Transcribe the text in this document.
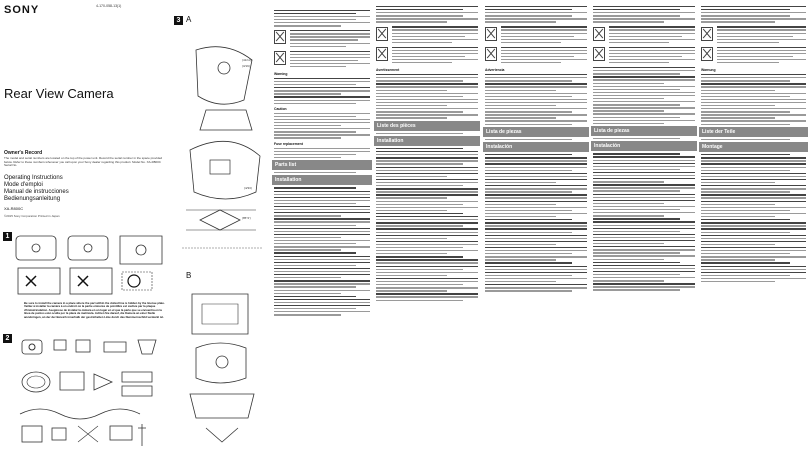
SONY	4-170-058-13(1)
Rear View Camera
Owner's Record
The model and serial numbers are located on the top of the power unit. Record the serial number in the space provided below. Refer to these numbers whenever you call upon your Sony dealer regarding this product. Model No. XA-R800C Serial No.
Operating Instructions
Mode d'emploi
Manual de instrucciones
Bedienungsanleitung
XA-R800C
©2015 Sony Corporation Printed in Japan
1
Be sure to install the camera in a place where the part within the dotted line is hidden by the license plate. Veillez à installer la caméra à un endroit où la partie entourée de pointillés est cachée par la plaque d'immatriculation. Asegúrese de instalar la cámara en un lugar en el que la parte que se encuentra en la línea de puntos esté oculta por la placa de matrícula. Achten Sie darauf, die Kamera an einer Stelle anzubringen, an der der Bereich innerhalb der gestrichelten Linie durch das Nummernschild verdeckt ist.
2
3 A
(41/13)
(3/19)
(4/33)
(85°2')
B
Warning
Caution
Fuse replacement
Parts list
Installation
Avertissement
Liste des pièces
Installation
Advertencia
Lista de piezas
Instalación
Lista de piezas
Instalación
Warnung
Liste der Teile
Montage
